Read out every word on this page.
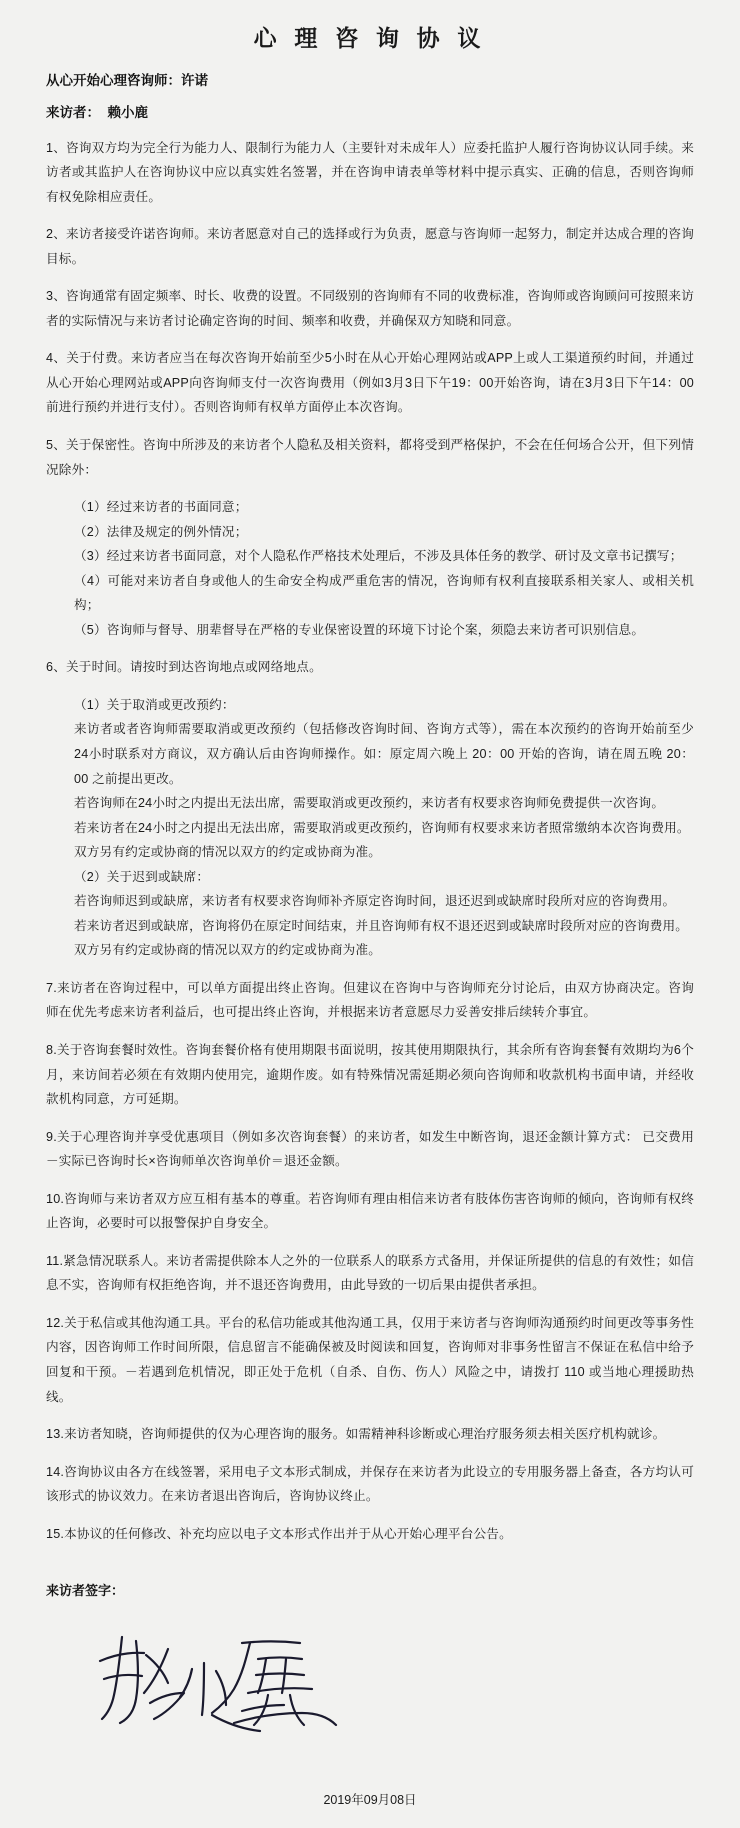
心 理 咨 询 协 议
从心开始心理咨询师：许诺
来访者： 赖小鹿

1、咨询双方均为完全行为能力人、限制行为能力人（主要针对未成年人）应委托监护人履行咨询协议认同手续。来访者或其监护人在咨询协议中应以真实姓名签署，并在咨询申请表单等材料中提示真实、正确的信息，否则咨询师有权免除相应责任。

2、来访者接受许诺咨询师。来访者愿意对自己的选择或行为负责，愿意与咨询师一起努力，制定并达成合理的咨询目标。

3、咨询通常有固定频率、时长、收费的设置。不同级别的咨询师有不同的收费标准，咨询师或咨询顾问可按照来访者的实际情况与来访者讨论确定咨询的时间、频率和收费，并确保双方知晓和同意。

4、关于付费。来访者应当在每次咨询开始前至少5小时在从心开始心理网站或APP上或人工渠道预约时间，并通过从心开始心理网站或APP向咨询师支付一次咨询费用（例如3月3日下午19：00开始咨询，请在3月3日下午14：00前进行预约并进行支付）。否则咨询师有权单方面停止本次咨询。

5、关于保密性。咨询中所涉及的来访者个人隐私及相关资料，都将受到严格保护，不会在任何场合公开，但下列情况除外：

（1）经过来访者的书面同意；
（2）法律及规定的例外情况；
（3）经过来访者书面同意，对个人隐私作严格技术处理后，不涉及具体任务的教学、研讨及文章书记撰写；
（4）可能对来访者自身或他人的生命安全构成严重危害的情况，咨询师有权利直接联系相关家人、或相关机构；
（5）咨询师与督导、朋辈督导在严格的专业保密设置的环境下讨论个案，须隐去来访者可识别信息。

6、关于时间。请按时到达咨询地点或网络地点。

（1）关于取消或更改预约：
来访者或者咨询师需要取消或更改预约（包括修改咨询时间、咨询方式等），需在本次预约的咨询开始前至少24小时联系对方商议，双方确认后由咨询师操作。如：原定周六晚上 20：00 开始的咨询，请在周五晚 20：00 之前提出更改。
若咨询师在24小时之内提出无法出席，需要取消或更改预约，来访者有权要求咨询师免费提供一次咨询。
若来访者在24小时之内提出无法出席，需要取消或更改预约，咨询师有权要求来访者照常缴纳本次咨询费用。
双方另有约定或协商的情况以双方的约定或协商为准。
（2）关于迟到或缺席：
若咨询师迟到或缺席，来访者有权要求咨询师补齐原定咨询时间，退还迟到或缺席时段所对应的咨询费用。
若来访者迟到或缺席，咨询将仍在原定时间结束，并且咨询师有权不退还迟到或缺席时段所对应的咨询费用。
双方另有约定或协商的情况以双方的约定或协商为准。

7.来访者在咨询过程中，可以单方面提出终止咨询。但建议在咨询中与咨询师充分讨论后，由双方协商决定。咨询师在优先考虑来访者利益后，也可提出终止咨询，并根据来访者意愿尽力妥善安排后续转介事宜。

8.关于咨询套餐时效性。咨询套餐价格有使用期限书面说明，按其使用期限执行，其余所有咨询套餐有效期均为6个月，来访间若必须在有效期内使用完，逾期作废。如有特殊情况需延期必须向咨询师和收款机构书面申请，并经收款机构同意，方可延期。

9.关于心理咨询并享受优惠项目（例如多次咨询套餐）的来访者，如发生中断咨询，退还金额计算方式： 已交费用－实际已咨询时长×咨询师单次咨询单价＝退还金额。

10.咨询师与来访者双方应互相有基本的尊重。若咨询师有理由相信来访者有肢体伤害咨询师的倾向，咨询师有权终止咨询，必要时可以报警保护自身安全。

11.紧急情况联系人。来访者需提供除本人之外的一位联系人的联系方式备用，并保证所提供的信息的有效性；如信息不实，咨询师有权拒绝咨询，并不退还咨询费用，由此导致的一切后果由提供者承担。

12.关于私信或其他沟通工具。平台的私信功能或其他沟通工具，仅用于来访者与咨询师沟通预约时间更改等事务性内容，因咨询师工作时间所限，信息留言不能确保被及时阅读和回复，咨询师对非事务性留言不保证在私信中给予回复和干预。－若遇到危机情况，即正处于危机（自杀、自伤、伤人）风险之中，请拨打 110 或当地心理援助热线。

13.来访者知晓，咨询师提供的仅为心理咨询的服务。如需精神科诊断或心理治疗服务须去相关医疗机构就诊。

14.咨询协议由各方在线签署，采用电子文本形式制成，并保存在来访者为此设立的专用服务器上备查，各方均认可该形式的协议效力。在来访者退出咨询后，咨询协议终止。

15.本协议的任何修改、补充均应以电子文本形式作出并于从心开始心理平台公告。

来访者签字：
2019年09月08日
